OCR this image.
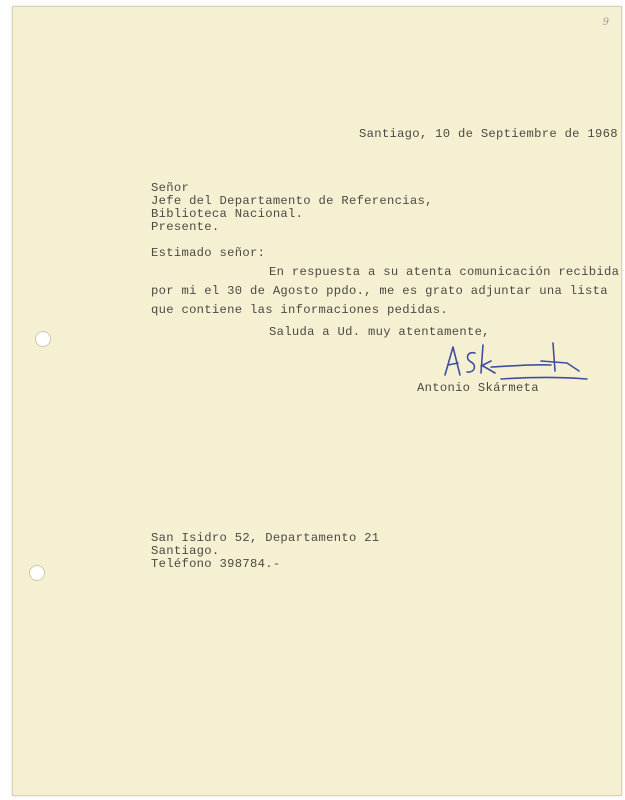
9
Santiago, 10 de Septiembre de 1968
Señor
Jefe del Departamento de Referencias,
Biblioteca Nacional.
Presente.
Estimado señor:
En respuesta a su atenta comunicación recibida
por mi el 30 de Agosto ppdo., me es grato adjuntar una lista
que contiene las informaciones pedidas.
Saluda a Ud. muy atentamente,
Antonio Skármeta
San Isidro 52, Departamento 21
Santiago.
Teléfono 398784.-
